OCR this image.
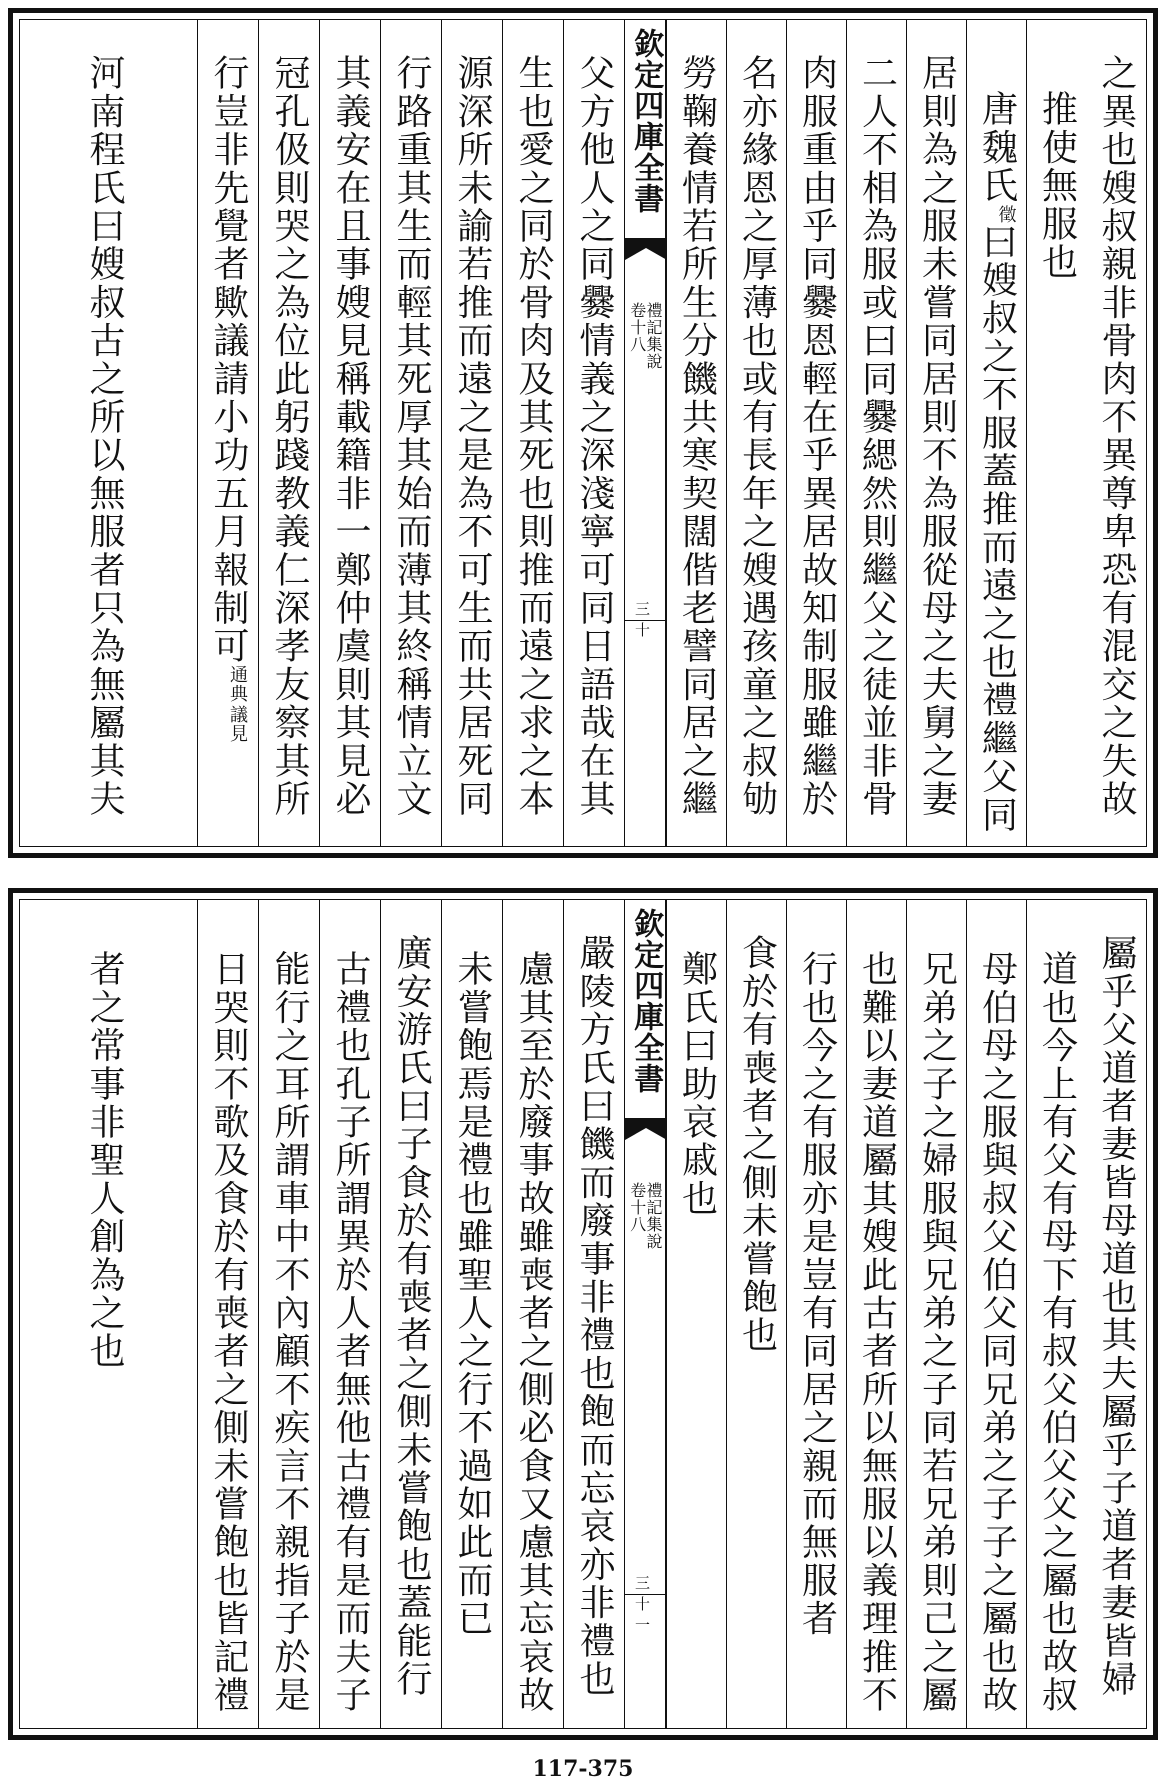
之異也嫂叔親非骨肉不異尊卑恐有混交之失故
推使無服也
唐魏氏徵曰嫂叔之不服蓋推而遠之也禮繼父同
居則為之服未嘗同居則不為服從母之夫舅之妻
二人不相為服或曰同爨緦然則繼父之徒並非骨
肉服重由乎同爨恩輕在乎異居故知制服雖繼於
名亦緣恩之厚薄也或有長年之嫂遇孩童之叔劬
勞鞠養情若所生分饑共寒契闊偕老譬同居之繼
欽定四庫全書
禮記集說
卷十八
三十
父方他人之同爨情義之深淺寧可同日語哉在其
生也愛之同於骨肉及其死也則推而遠之求之本
源深所未諭若推而遠之是為不可生而共居死同
行路重其生而輕其死厚其始而薄其終稱情立文
其義安在且事嫂見稱載籍非一鄭仲虞則其見必
冠孔伋則哭之為位此躬踐教義仁深孝友察其所
行豈非先覺者歟議請小功五月報制可
議見
通典
河南程氏曰嫂叔古之所以無服者只為無屬其夫
屬乎父道者妻皆母道也其夫屬乎子道者妻皆婦
道也今上有父有母下有叔父伯父父之屬也故叔
母伯母之服與叔父伯父同兄弟之子子之屬也故
兄弟之子之婦服與兄弟之子同若兄弟則己之屬
也難以妻道屬其嫂此古者所以無服以義理推不
行也今之有服亦是豈有同居之親而無服者
食於有喪者之側未嘗飽也
鄭氏曰助哀戚也
欽定四庫全書
禮記集說
卷十八
三十一
嚴陵方氏曰饑而廢事非禮也飽而忘哀亦非禮也
慮其至於廢事故雖喪者之側必食又慮其忘哀故
未嘗飽焉是禮也雖聖人之行不過如此而已
廣安游氏曰子食於有喪者之側未嘗飽也蓋能行
古禮也孔子所謂異於人者無他古禮有是而夫子
能行之耳所謂車中不內顧不疾言不親指子於是
日哭則不歌及食於有喪者之側未嘗飽也皆記禮
者之常事非聖人創為之也
117-375
